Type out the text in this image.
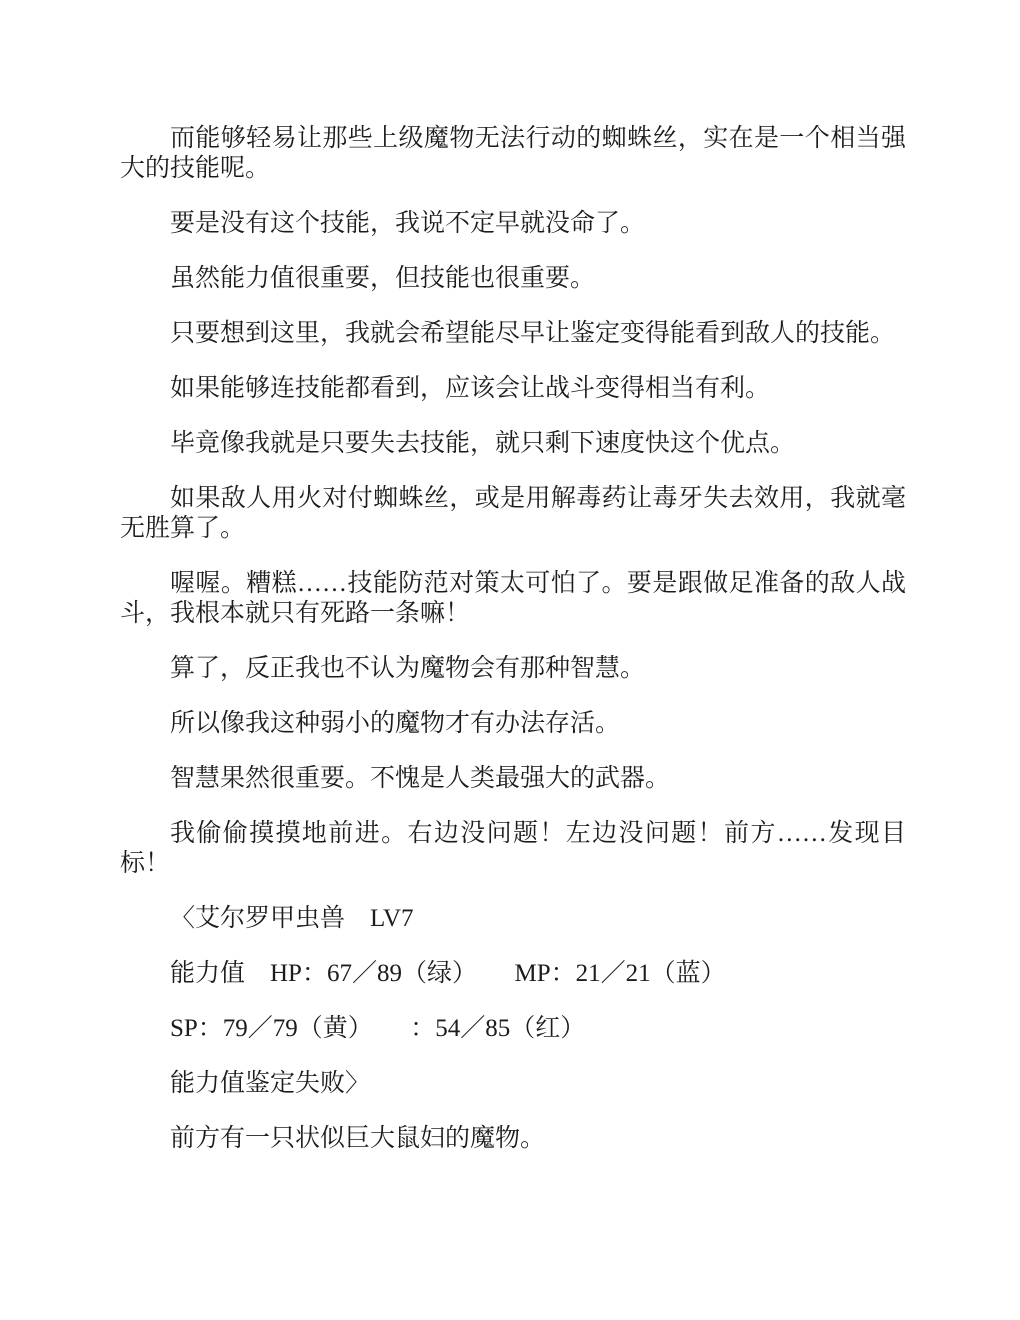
而能够轻易让那些上级魔物无法行动的蜘蛛丝，实在是一个相当强大的技能呢。

要是没有这个技能，我说不定早就没命了。

虽然能力值很重要，但技能也很重要。

只要想到这里，我就会希望能尽早让鉴定变得能看到敌人的技能。

如果能够连技能都看到，应该会让战斗变得相当有利。

毕竟像我就是只要失去技能，就只剩下速度快这个优点。

如果敌人用火对付蜘蛛丝，或是用解毒药让毒牙失去效用，我就毫无胜算了。

喔喔。糟糕……技能防范对策太可怕了。要是跟做足准备的敌人战斗，我根本就只有死路一条嘛！

算了，反正我也不认为魔物会有那种智慧。

所以像我这种弱小的魔物才有办法存活。

智慧果然很重要。不愧是人类最强大的武器。

我偷偷摸摸地前进。右边没问题！左边没问题！前方……发现目标！

〈艾尔罗甲虫兽　LV7

能力值　HP：67／89（绿）　　MP：21／21（蓝）

SP：79／79（黄）　　：54／85（红）

能力值鉴定失败〉

前方有一只状似巨大鼠妇的魔物。
